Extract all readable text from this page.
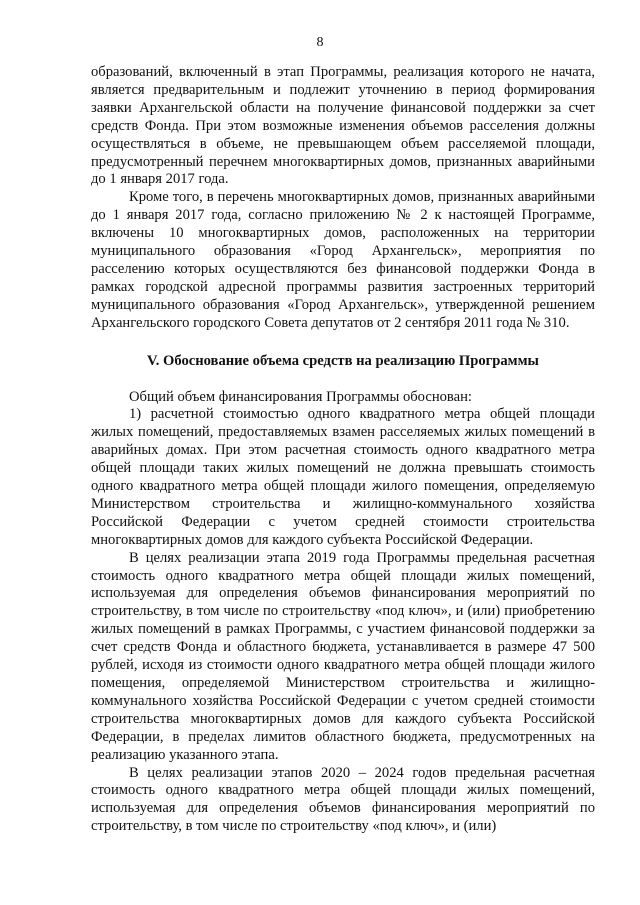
8

образований, включенный в этап Программы, реализация которого не начата, является предварительным и подлежит уточнению в период формирования заявки Архангельской области на получение финансовой поддержки за счет средств Фонда. При этом возможные изменения объемов расселения должны осуществляться в объеме, не превышающем объем расселяемой площади, предусмотренный перечнем многоквартирных домов, признанных аварийными до 1 января 2017 года.

Кроме того, в перечень многоквартирных домов, признанных аварийными до 1 января 2017 года, согласно приложению № 2 к настоящей Программе, включены 10 многоквартирных домов, расположенных на территории муниципального образования «Город Архангельск», мероприятия по расселению которых осуществляются без финансовой поддержки Фонда в рамках городской адресной программы развития застроенных территорий муниципального образования «Город Архангельск», утвержденной решением Архангельского городского Совета депутатов от 2 сентября 2011 года № 310.

V. Обоснование объема средств на реализацию Программы

Общий объем финансирования Программы обоснован:

1) расчетной стоимостью одного квадратного метра общей площади жилых помещений, предоставляемых взамен расселяемых жилых помещений в аварийных домах. При этом расчетная стоимость одного квадратного метра общей площади таких жилых помещений не должна превышать стоимость одного квадратного метра общей площади жилого помещения, определяемую Министерством строительства и жилищно-коммунального хозяйства Российской Федерации с учетом средней стоимости строительства многоквартирных домов для каждого субъекта Российской Федерации.

В целях реализации этапа 2019 года Программы предельная расчетная стоимость одного квадратного метра общей площади жилых помещений, используемая для определения объемов финансирования мероприятий по строительству, в том числе по строительству «под ключ», и (или) приобретению жилых помещений в рамках Программы, с участием финансовой поддержки за счет средств Фонда и областного бюджета, устанавливается в размере 47 500 рублей, исходя из стоимости одного квадратного метра общей площади жилого помещения, определяемой Министерством строительства и жилищно-коммунального хозяйства Российской Федерации с учетом средней стоимости строительства многоквартирных домов для каждого субъекта Российской Федерации, в пределах лимитов областного бюджета, предусмотренных на реализацию указанного этапа.

В целях реализации этапов 2020 – 2024 годов предельная расчетная стоимость одного квадратного метра общей площади жилых помещений, используемая для определения объемов финансирования мероприятий по строительству, в том числе по строительству «под ключ», и (или)
